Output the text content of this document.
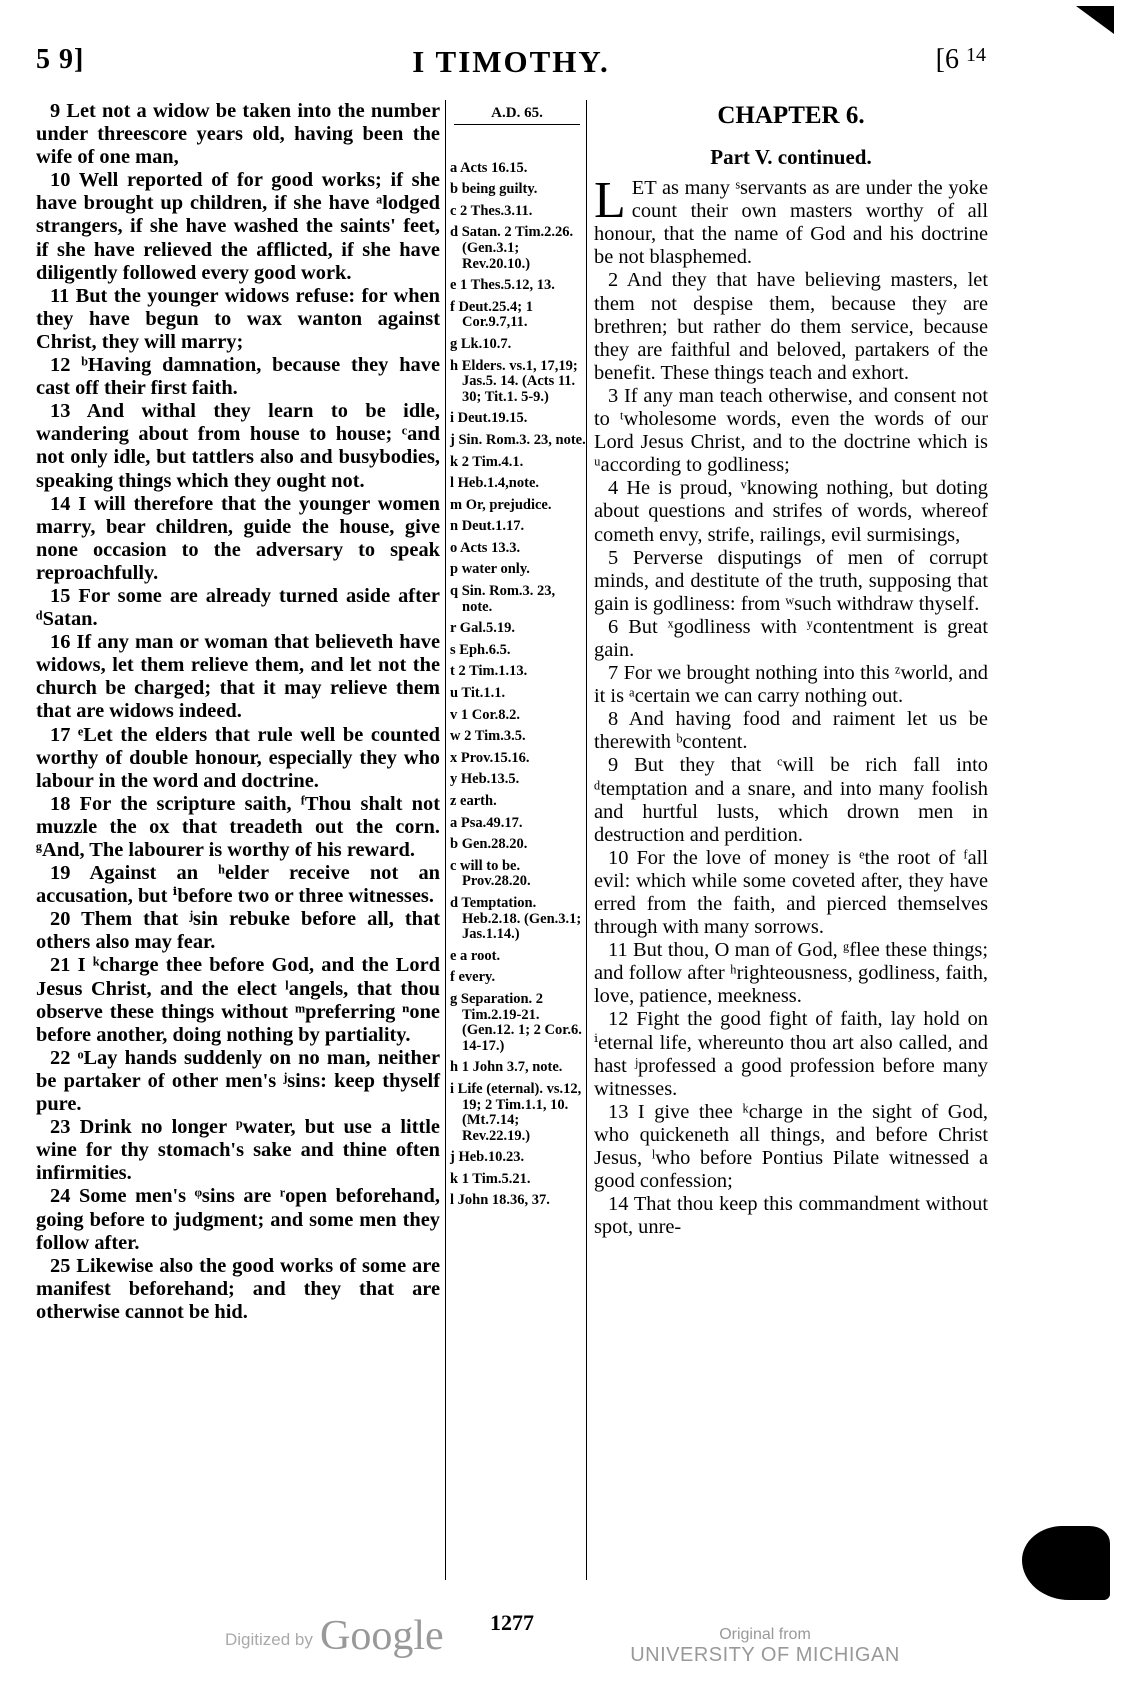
5 9]	I TIMOTHY.	[6 $^{14}$

9 Let not a widow be taken into the number under threescore years old, having been the wife of one man,

10 Well reported of for good works; if she have brought up children, if she have ᵃlodged strangers, if she have washed the saints' feet, if she have relieved the afflicted, if she have diligently followed every good work.

11 But the younger widows refuse: for when they have begun to wax wanton against Christ, they will marry;

12 ᵇHaving damnation, because they have cast off their first faith.

13 And withal they learn to be idle, wandering about from house to house; ᶜand not only idle, but tattlers also and busybodies, speaking things which they ought not.

14 I will therefore that the younger women marry, bear children, guide the house, give none occasion to the adversary to speak reproachfully.

15 For some are already turned aside after ᵈSatan.

16 If any man or woman that believeth have widows, let them relieve them, and let not the church be charged; that it may relieve them that are widows indeed.

17 ᵉLet the elders that rule well be counted worthy of double honour, especially they who labour in the word and doctrine.

18 For the scripture saith, ᶠThou shalt not muzzle the ox that treadeth out the corn. ᵍAnd, The labourer is worthy of his reward.

19 Against an ʰelder receive not an accusation, but ⁱbefore two or three witnesses.

20 Them that ʲsin rebuke before all, that others also may fear.

21 I ᵏcharge thee before God, and the Lord Jesus Christ, and the elect ˡangels, that thou observe these things without ᵐpreferring ⁿone before another, doing nothing by partiality.

22 ᵒLay hands suddenly on no man, neither be partaker of other men's ʲsins: keep thyself pure.

23 Drink no longer ᵖwater, but use a little wine for thy stomach's sake and thine often infirmities.

24 Some men's ᵠsins are ʳopen beforehand, going before to judgment; and some men they follow after.

25 Likewise also the good works of some are manifest beforehand; and they that are otherwise cannot be hid.

A.D. 65.
a Acts 16.15.
b being guilty.
c 2 Thes.3.11.
d Satan. 2 Tim.2.26. (Gen.3.1; Rev.20.10.)
e 1 Thes.5.12, 13.
f Deut.25.4; 1 Cor.9.7,11.
g Lk.10.7.
h Elders. vs.1, 17,19; Jas.5. 14. (Acts 11. 30; Tit.1. 5-9.)
i Deut.19.15.
j Sin. Rom.3. 23, note.
k 2 Tim.4.1.
l Heb.1.4,note.
m Or, prejudice.
n Deut.1.17.
o Acts 13.3.
p water only.
q Sin. Rom.3. 23, note.
r Gal.5.19.
s Eph.6.5.
t 2 Tim.1.13.
u Tit.1.1.
v 1 Cor.8.2.
w 2 Tim.3.5.
x Prov.15.16.
y Heb.13.5.
z earth.
a Psa.49.17.
b Gen.28.20.
c will to be. Prov.28.20.
d Temptation. Heb.2.18. (Gen.3.1; Jas.1.14.)
e a root.
f every.
g Separation. 2 Tim.2.19-21. (Gen.12. 1; 2 Cor.6. 14-17.)
h 1 John 3.7, note.
i Life (eternal). vs.12, 19; 2 Tim.1.1, 10. (Mt.7.14; Rev.22.19.)
j Heb.10.23.
k 1 Tim.5.21.
l John 18.36, 37.
CHAPTER 6.
Part V. continued.

LET as many ˢservants as are under the yoke count their own masters worthy of all honour, that the name of God and his doctrine be not blasphemed.

2 And they that have believing masters, let them not despise them, because they are brethren; but rather do them service, because they are faithful and beloved, partakers of the benefit. These things teach and exhort.

3 If any man teach otherwise, and consent not to ᵗwholesome words, even the words of our Lord Jesus Christ, and to the doctrine which is ᵘaccording to godliness;

4 He is proud, ᵛknowing nothing, but doting about questions and strifes of words, whereof cometh envy, strife, railings, evil surmisings,

5 Perverse disputings of men of corrupt minds, and destitute of the truth, supposing that gain is godliness: from ʷsuch withdraw thyself.

6 But ˣgodliness with ʸcontentment is great gain.

7 For we brought nothing into this ᶻworld, and it is ᵃcertain we can carry nothing out.

8 And having food and raiment let us be therewith ᵇcontent.

9 But they that ᶜwill be rich fall into ᵈtemptation and a snare, and into many foolish and hurtful lusts, which drown men in destruction and perdition.

10 For the love of money is ᵉthe root of ᶠall evil: which while some coveted after, they have erred from the faith, and pierced themselves through with many sorrows.

11 But thou, O man of God, ᵍflee these things; and follow after ʰrighteousness, godliness, faith, love, patience, meekness.

12 Fight the good fight of faith, lay hold on ⁱeternal life, whereunto thou art also called, and hast ʲprofessed a good profession before many witnesses.

13 I give thee ᵏcharge in the sight of God, who quickeneth all things, and before Christ Jesus, ˡwho before Pontius Pilate witnessed a good confession;

14 That thou keep this commandment without spot, unre-

1277
Digitized by Google	Original from
UNIVERSITY OF MICHIGAN
